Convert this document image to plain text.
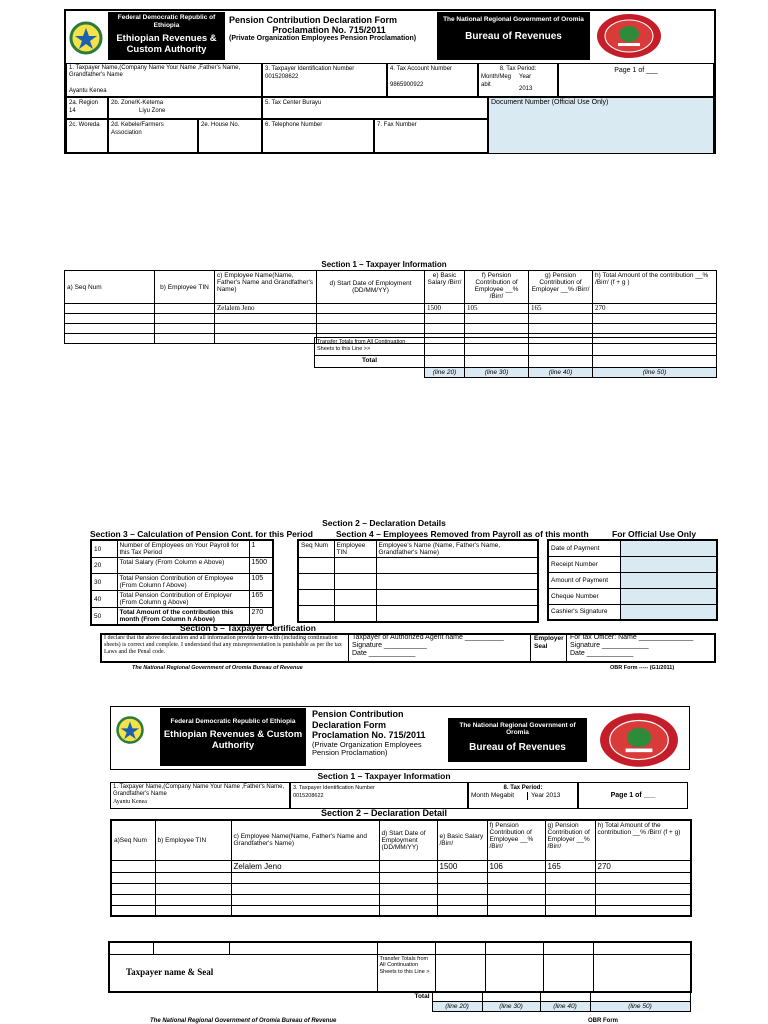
Federal Democratic Republic of Ethiopia
Ethiopian Revenues & Custom Authority
Pension Contribution Declaration Form
Proclamation No. 715/2011
(Private Organization Employees Pension Proclamation)
The National Regional Government of Oromia
Bureau of Revenues
1. Taxpayer Name,(Company Name Your Name ,Father's Name, Grandfather's Name
Ayantu Kenea
3. Taxpayer Identification Number
0015208622
4. Tax Account Number
9865900922
8. Tax Period:
Month/Meg abit
Year
2013
Page 1 of ___
2a. Region
14
2b. Zone/K-Ketema
Liyu Zone
5. Tax Center Burayu	Document Number (Official Use Only)
2c. Woreda	2d. Kebele/Farmers Association
2e. House No.	6. Telephone Number	7. Fax Number
Section 1 – Taxpayer Information
a) Seq Num	b) Employee TIN	c) Employee Name(Name, Father's Name and Grandfather's Name)	d) Start Date of Employment (DD/MM/YY)	e) Basic Salary /Birr/	f) Pension Contribution of Employee __% /Birr/	g) Pension Contribution of Employer __% /Birr/	h) Total Amount of the contribution __% /Birr/ (f + g )
		Zelalem Jeno		1500	105	165	270

Transfer Totals from All Continuation Sheets to this Line >>				
Total				
	(line 20)	(line 30)	(line 40)	(line 50)
Section 2 – Declaration Details
Section 3 – Calculation of Pension Cont. for this Period	Section 4 – Employees Removed from Payroll as of this month	For Official Use Only
10	Number of Employees on Your Payroll for this Tax Period	1
20	Total Salary (From Column e Above)	1500
30	Total Pension Contribution of Employee (From Column f Above)	105
40	Total Pension Contribution of Employer (From Column g Above)	165
50	Total Amount of the contribution this month (From Column h Above)	270
Seq Num	Employee TIN	Employee's Name (Name, Father's Name, Grandfather's Name)

Date of Payment	
Receipt Number	
Amount of Payment	
Cheque Number	
Cashier's Signature	
Section 5 – Taxpayer Certification
I declare that the above declaration and all information provide here-with (including continuation sheets) is correct and complete. I understand that any misrepresentation is punishable as per the tax Laws and the Penal code.
Taxpayer or Authorized Agent name __________
Signature ___________
Date ____________
Employer Seal
For tax Officer: Name ______________
Signature ____________
Date ____________
The National Regional Government of Oromia Bureau of Revenue	OBR Form ----- (G1/2011)
Federal Democratic Republic of Ethiopia
Ethiopian Revenues & Custom Authority
Pension Contribution Declaration Form Proclamation No. 715/2011
(Private Organization Employees Pension Proclamation)
The National Regional Government of Oromia
Bureau of Revenues
Section 1 – Taxpayer Information
1. Taxpayer Name,(Company Name Your Name ,Father's Name, Grandfather's Name
Ayantu Kenea
3. Taxpayer Identification Number
0015208622
8. Tax Period:
Month Megabit	Year 2013	Page 1 of ___
Section 2 – Declaration Detail
a)Seq Num	b) Employee TIN	c) Employee Name(Name, Father's Name and Grandfather's Name)	d) Start Date of Employment (DD/MM/YY)	e) Basic Salary /Birr/	f) Pension Contribution of Employee __% /Birr/	g) Pension Contribution of Employer __% /Birr/	h) Total Amount of the contribution __% /Birr/ (f + g)
		Zelalem Jeno		1500	106	165	270

Taxpayer name & Seal			Transfer Totals from All Continuation Sheets to this Line >				
Total				
	(line 20)	(line 30)	(line 40)	(line 50)
The National Regional Government of Oromia Bureau of Revenue	OBR Form
